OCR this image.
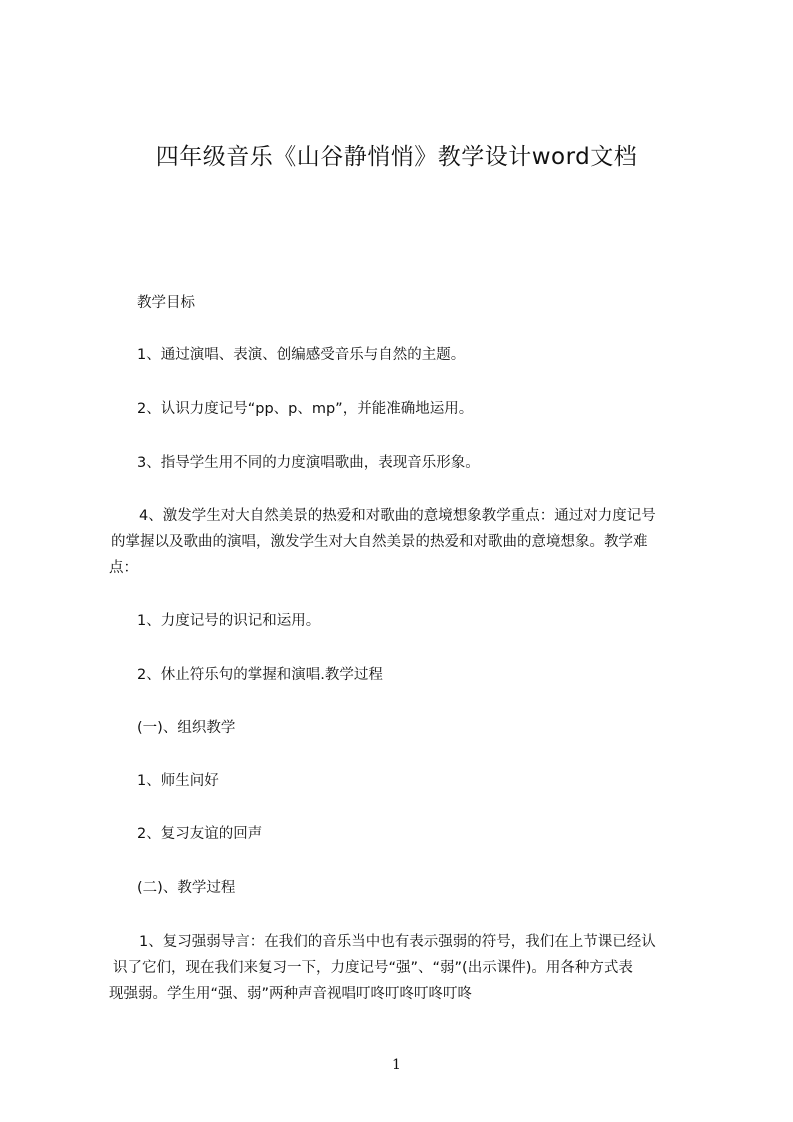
四年级音乐《山谷静悄悄》教学设计word文档
教学目标
1、通过演唱、表演、创编感受音乐与自然的主题。
2、认识力度记号“pp、p、mp”，并能准确地运用。
3、指导学生用不同的力度演唱歌曲，表现音乐形象。
4、激发学生对大自然美景的热爱和对歌曲的意境想象教学重点：通过对力度记号
的掌握以及歌曲的演唱，激发学生对大自然美景的热爱和对歌曲的意境想象。教学难
点：
1、力度记号的识记和运用。
2、休止符乐句的掌握和演唱.教学过程
(一)、组织教学
1、师生问好
2、复习友谊的回声
(二)、教学过程
1、复习强弱导言：在我们的音乐当中也有表示强弱的符号，我们在上节课已经认
识了它们，现在我们来复习一下，力度记号“强”、“弱”(出示课件)。用各种方式表
现强弱。学生用“强、弱”两种声音视唱叮咚叮咚叮咚叮咚
1
